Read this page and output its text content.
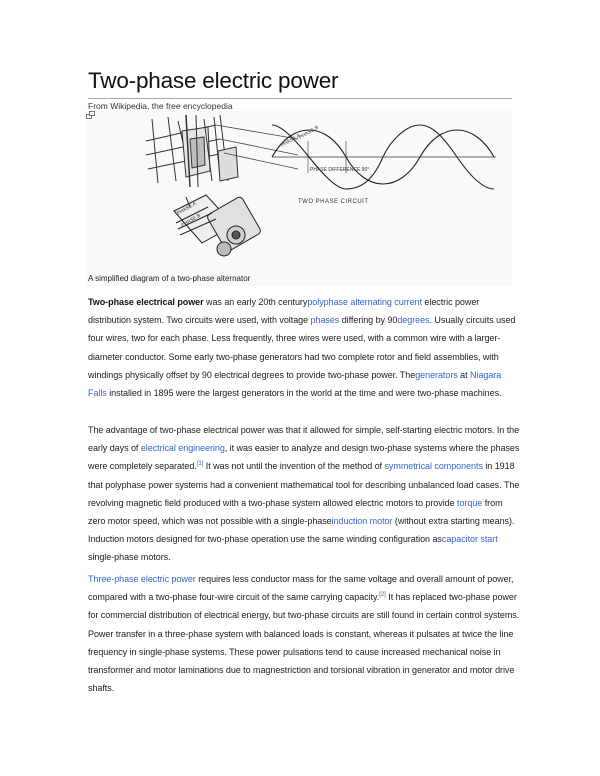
Two-phase electric power
From Wikipedia, the free encyclopedia
PHASE A
PHASE B
PHASE A
PHASE B
PHASE DIFFERENCE 90°
TWO PHASE CIRCUIT
A simplified diagram of a two-phase alternator

Two-phase electrical power was an early 20th centurypolyphase alternating current electric power distribution system. Two circuits were used, with voltage phases differing by 90degrees. Usually circuits used four wires, two for each phase. Less frequently, three wires were used, with a common wire with a larger-diameter conductor. Some early two-phase generators had two complete rotor and field assemblies, with windings physically offset by 90 electrical degrees to provide two-phase power. Thegenerators at Niagara Falls installed in 1895 were the largest generators in the world at the time and were two-phase machines.

The advantage of two-phase electrical power was that it allowed for simple, self-starting electric motors. In the early days of electrical engineering, it was easier to analyze and design two-phase systems where the phases were completely separated.[1] It was not until the invention of the method of symmetrical components in 1918 that polyphase power systems had a convenient mathematical tool for describing unbalanced load cases. The revolving magnetic field produced with a two-phase system allowed electric motors to provide torque from zero motor speed, which was not possible with a single-phaseinduction motor (without extra starting means). Induction motors designed for two-phase operation use the same winding configuration ascapacitor start single-phase motors.

Three-phase electric power requires less conductor mass for the same voltage and overall amount of power, compared with a two-phase four-wire circuit of the same carrying capacity.[2] It has replaced two-phase power for commercial distribution of electrical energy, but two-phase circuits are still found in certain control systems. Power transfer in a three-phase system with balanced loads is constant, whereas it pulsates at twice the line frequency in single-phase systems. These power pulsations tend to cause increased mechanical noise in transformer and motor laminations due to magnestriction and torsional vibration in generator and motor drive shafts.
